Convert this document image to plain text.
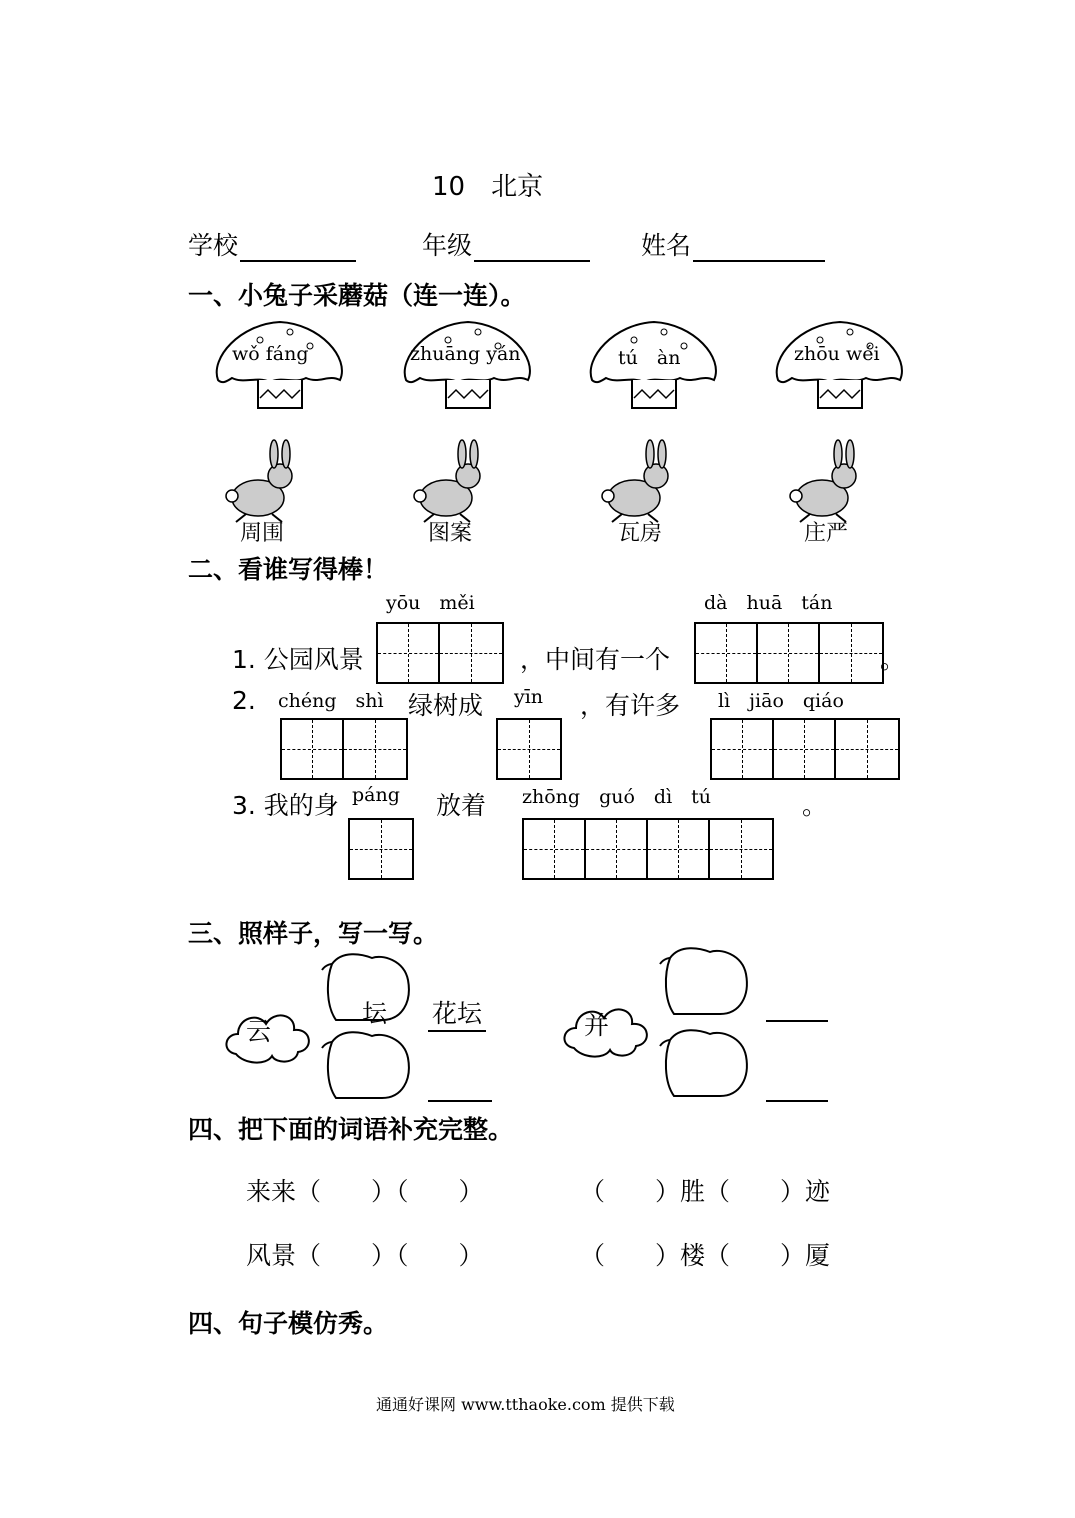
10　北京
学校	年级	姓名
一、小兔子采蘑菇（连一连）。
wǒ fáng	zhuāng yán	tú　àn	zhōu wéi
周围	图案	瓦房	庄严
二、看谁写得棒！
yōu　měi	dà　huā　tán
1. 公园风景	，中间有一个	。
2. chéng　shì 绿树成 yīn ，有许多 lì　jiāo　qiáo
3. 我的身 páng 放着 zhōng　guó　dì　tú	。
三、照样子，写一写。
云
坛 花坛	并
四、把下面的词语补充完整。
来来（　　）（　　）	（　　）胜（　　）迹
风景（　　）（　　）	（　　）楼（　　）厦
四、句子模仿秀。
通通好课网 www.tthaoke.com 提供下载
